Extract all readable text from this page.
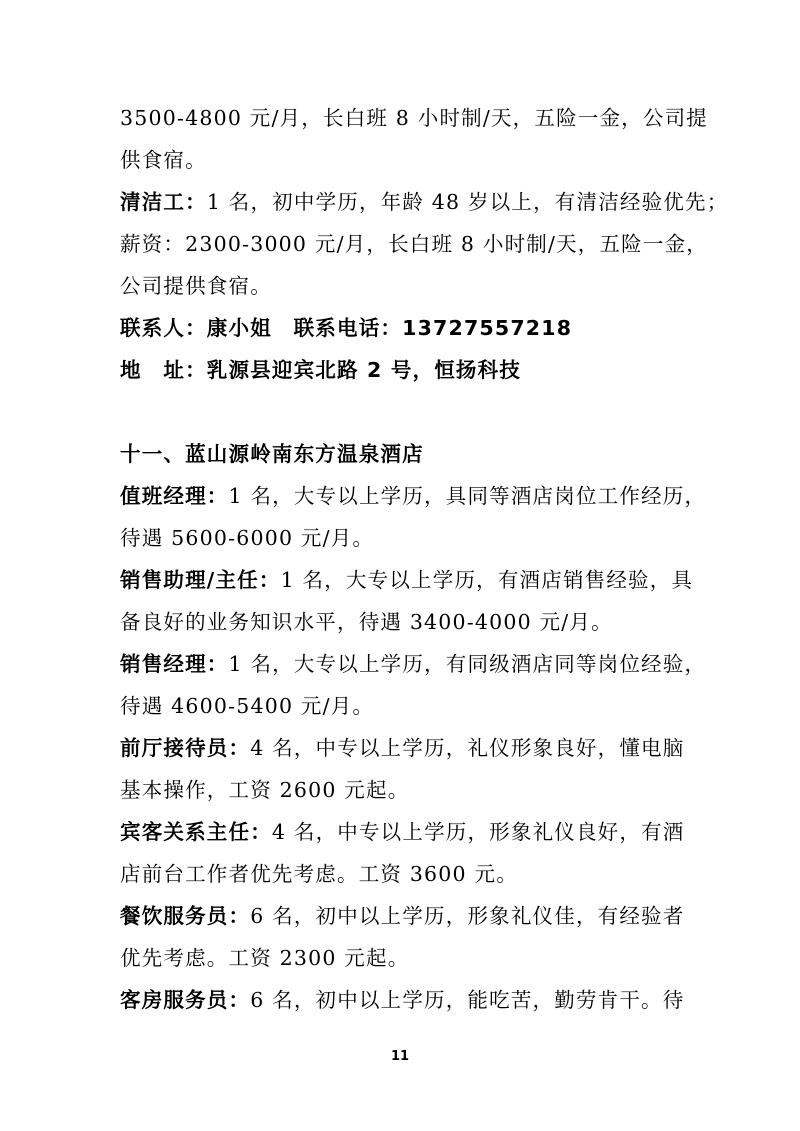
3500-4800 元/月，长白班 8 小时制/天，五险一金，公司提
供食宿。
清洁工：1 名，初中学历，年龄 48 岁以上，有清洁经验优先；
薪资：2300-3000 元/月，长白班 8 小时制/天，五险一金，
公司提供食宿。
联系人：康小姐　联系电话：13727557218
地　址：乳源县迎宾北路 2 号，恒扬科技
十一、蓝山源岭南东方温泉酒店
值班经理：1 名，大专以上学历，具同等酒店岗位工作经历，
待遇 5600-6000 元/月。
销售助理/主任：1 名，大专以上学历，有酒店销售经验，具
备良好的业务知识水平，待遇 3400-4000 元/月。
销售经理：1 名，大专以上学历，有同级酒店同等岗位经验，
待遇 4600-5400 元/月。
前厅接待员：4 名，中专以上学历，礼仪形象良好，懂电脑
基本操作，工资 2600 元起。
宾客关系主任：4 名，中专以上学历，形象礼仪良好，有酒
店前台工作者优先考虑。工资 3600 元。
餐饮服务员：6 名，初中以上学历，形象礼仪佳，有经验者
优先考虑。工资 2300 元起。
客房服务员：6 名，初中以上学历，能吃苦，勤劳肯干。待
11
